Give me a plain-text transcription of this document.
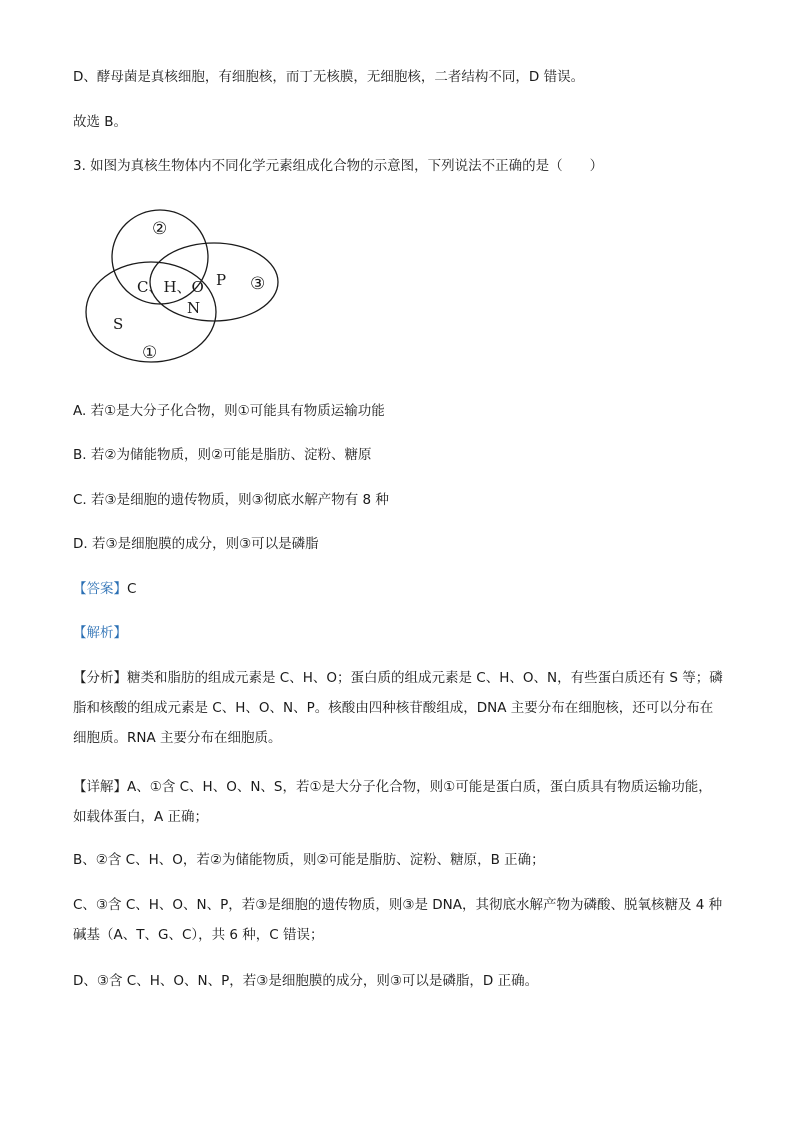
D、酵母菌是真核细胞，有细胞核，而丁无核膜，无细胞核，二者结构不同，D 错误。
故选 B。
3. 如图为真核生物体内不同化学元素组成化合物的示意图，下列说法不正确的是（　　）
②
③
①
C、H、O P
N
S
A. 若①是大分子化合物，则①可能具有物质运输功能
B. 若②为储能物质，则②可能是脂肪、淀粉、糖原
C. 若③是细胞的遗传物质，则③彻底水解产物有 8 种
D. 若③是细胞膜的成分，则③可以是磷脂
【答案】C
【解析】
【分析】糖类和脂肪的组成元素是 C、H、O；蛋白质的组成元素是 C、H、O、N，有些蛋白质还有 S 等；磷脂和核酸的组成元素是 C、H、O、N、P。核酸由四种核苷酸组成，DNA 主要分布在细胞核，还可以分布在细胞质。RNA 主要分布在细胞质。
【详解】A、①含 C、H、O、N、S，若①是大分子化合物，则①可能是蛋白质，蛋白质具有物质运输功能，如载体蛋白，A 正确；
B、②含 C、H、O，若②为储能物质，则②可能是脂肪、淀粉、糖原，B 正确；
C、③含 C、H、O、N、P，若③是细胞的遗传物质，则③是 DNA，其彻底水解产物为磷酸、脱氧核糖及 4 种碱基（A、T、G、C），共 6 种，C 错误；
D、③含 C、H、O、N、P，若③是细胞膜的成分，则③可以是磷脂，D 正确。
